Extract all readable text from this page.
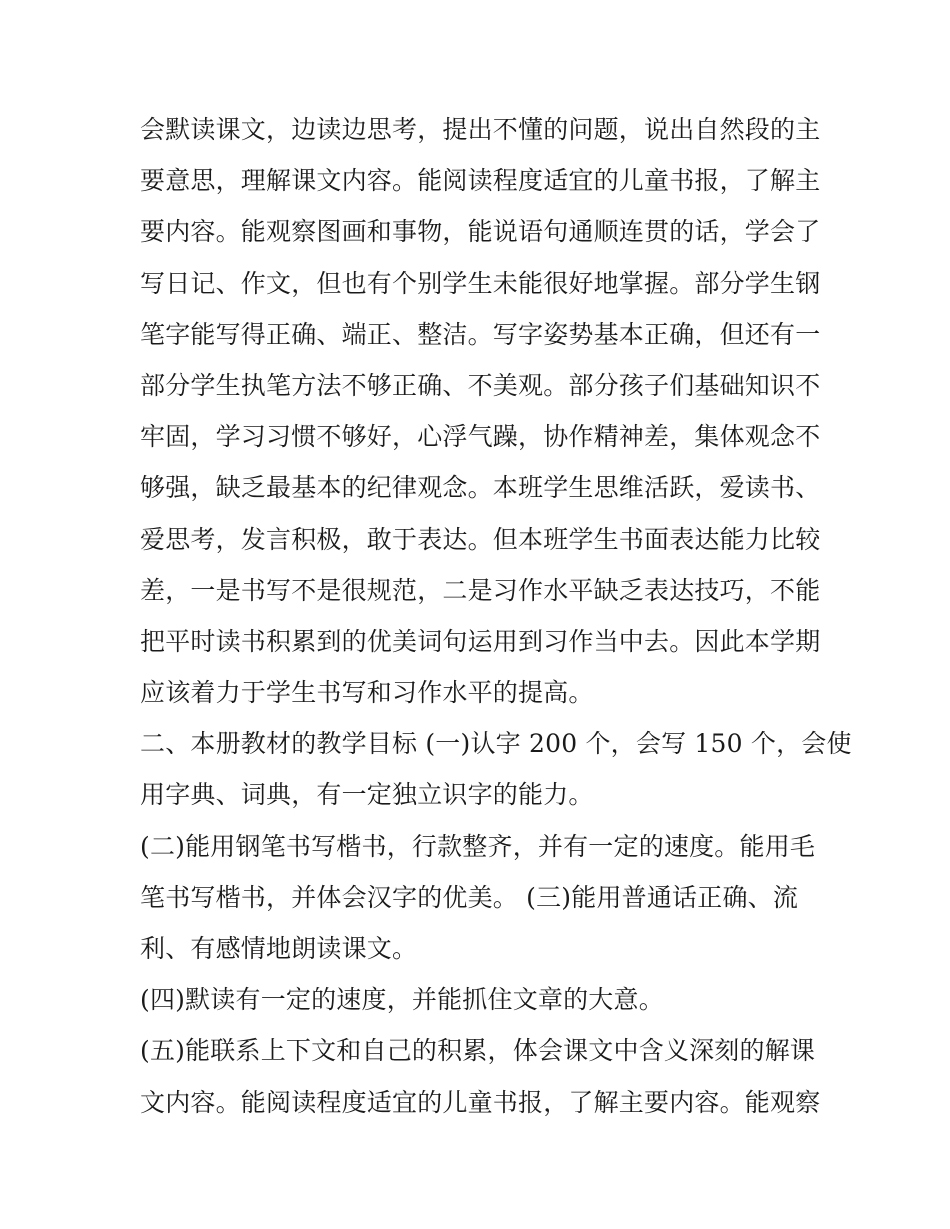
会默读课文，边读边思考，提出不懂的问题，说出自然段的主
要意思，理解课文内容。能阅读程度适宜的儿童书报，了解主
要内容。能观察图画和事物，能说语句通顺连贯的话，学会了
写日记、作文，但也有个别学生未能很好地掌握。部分学生钢
笔字能写得正确、端正、整洁。写字姿势基本正确，但还有一
部分学生执笔方法不够正确、不美观。部分孩子们基础知识不
牢固，学习习惯不够好，心浮气躁，协作精神差，集体观念不
够强，缺乏最基本的纪律观念。本班学生思维活跃，爱读书、
爱思考，发言积极，敢于表达。但本班学生书面表达能力比较
差，一是书写不是很规范，二是习作水平缺乏表达技巧，不能
把平时读书积累到的优美词句运用到习作当中去。因此本学期
应该着力于学生书写和习作水平的提高。
二、本册教材的教学目标 (一)认字 200 个，会写 150 个，会使
用字典、词典，有一定独立识字的能力。
(二)能用钢笔书写楷书，行款整齐，并有一定的速度。能用毛
笔书写楷书，并体会汉字的优美。 (三)能用普通话正确、流
利、有感情地朗读课文。
(四)默读有一定的速度，并能抓住文章的大意。
(五)能联系上下文和自己的积累，体会课文中含义深刻的解课
文内容。能阅读程度适宜的儿童书报，了解主要内容。能观察
